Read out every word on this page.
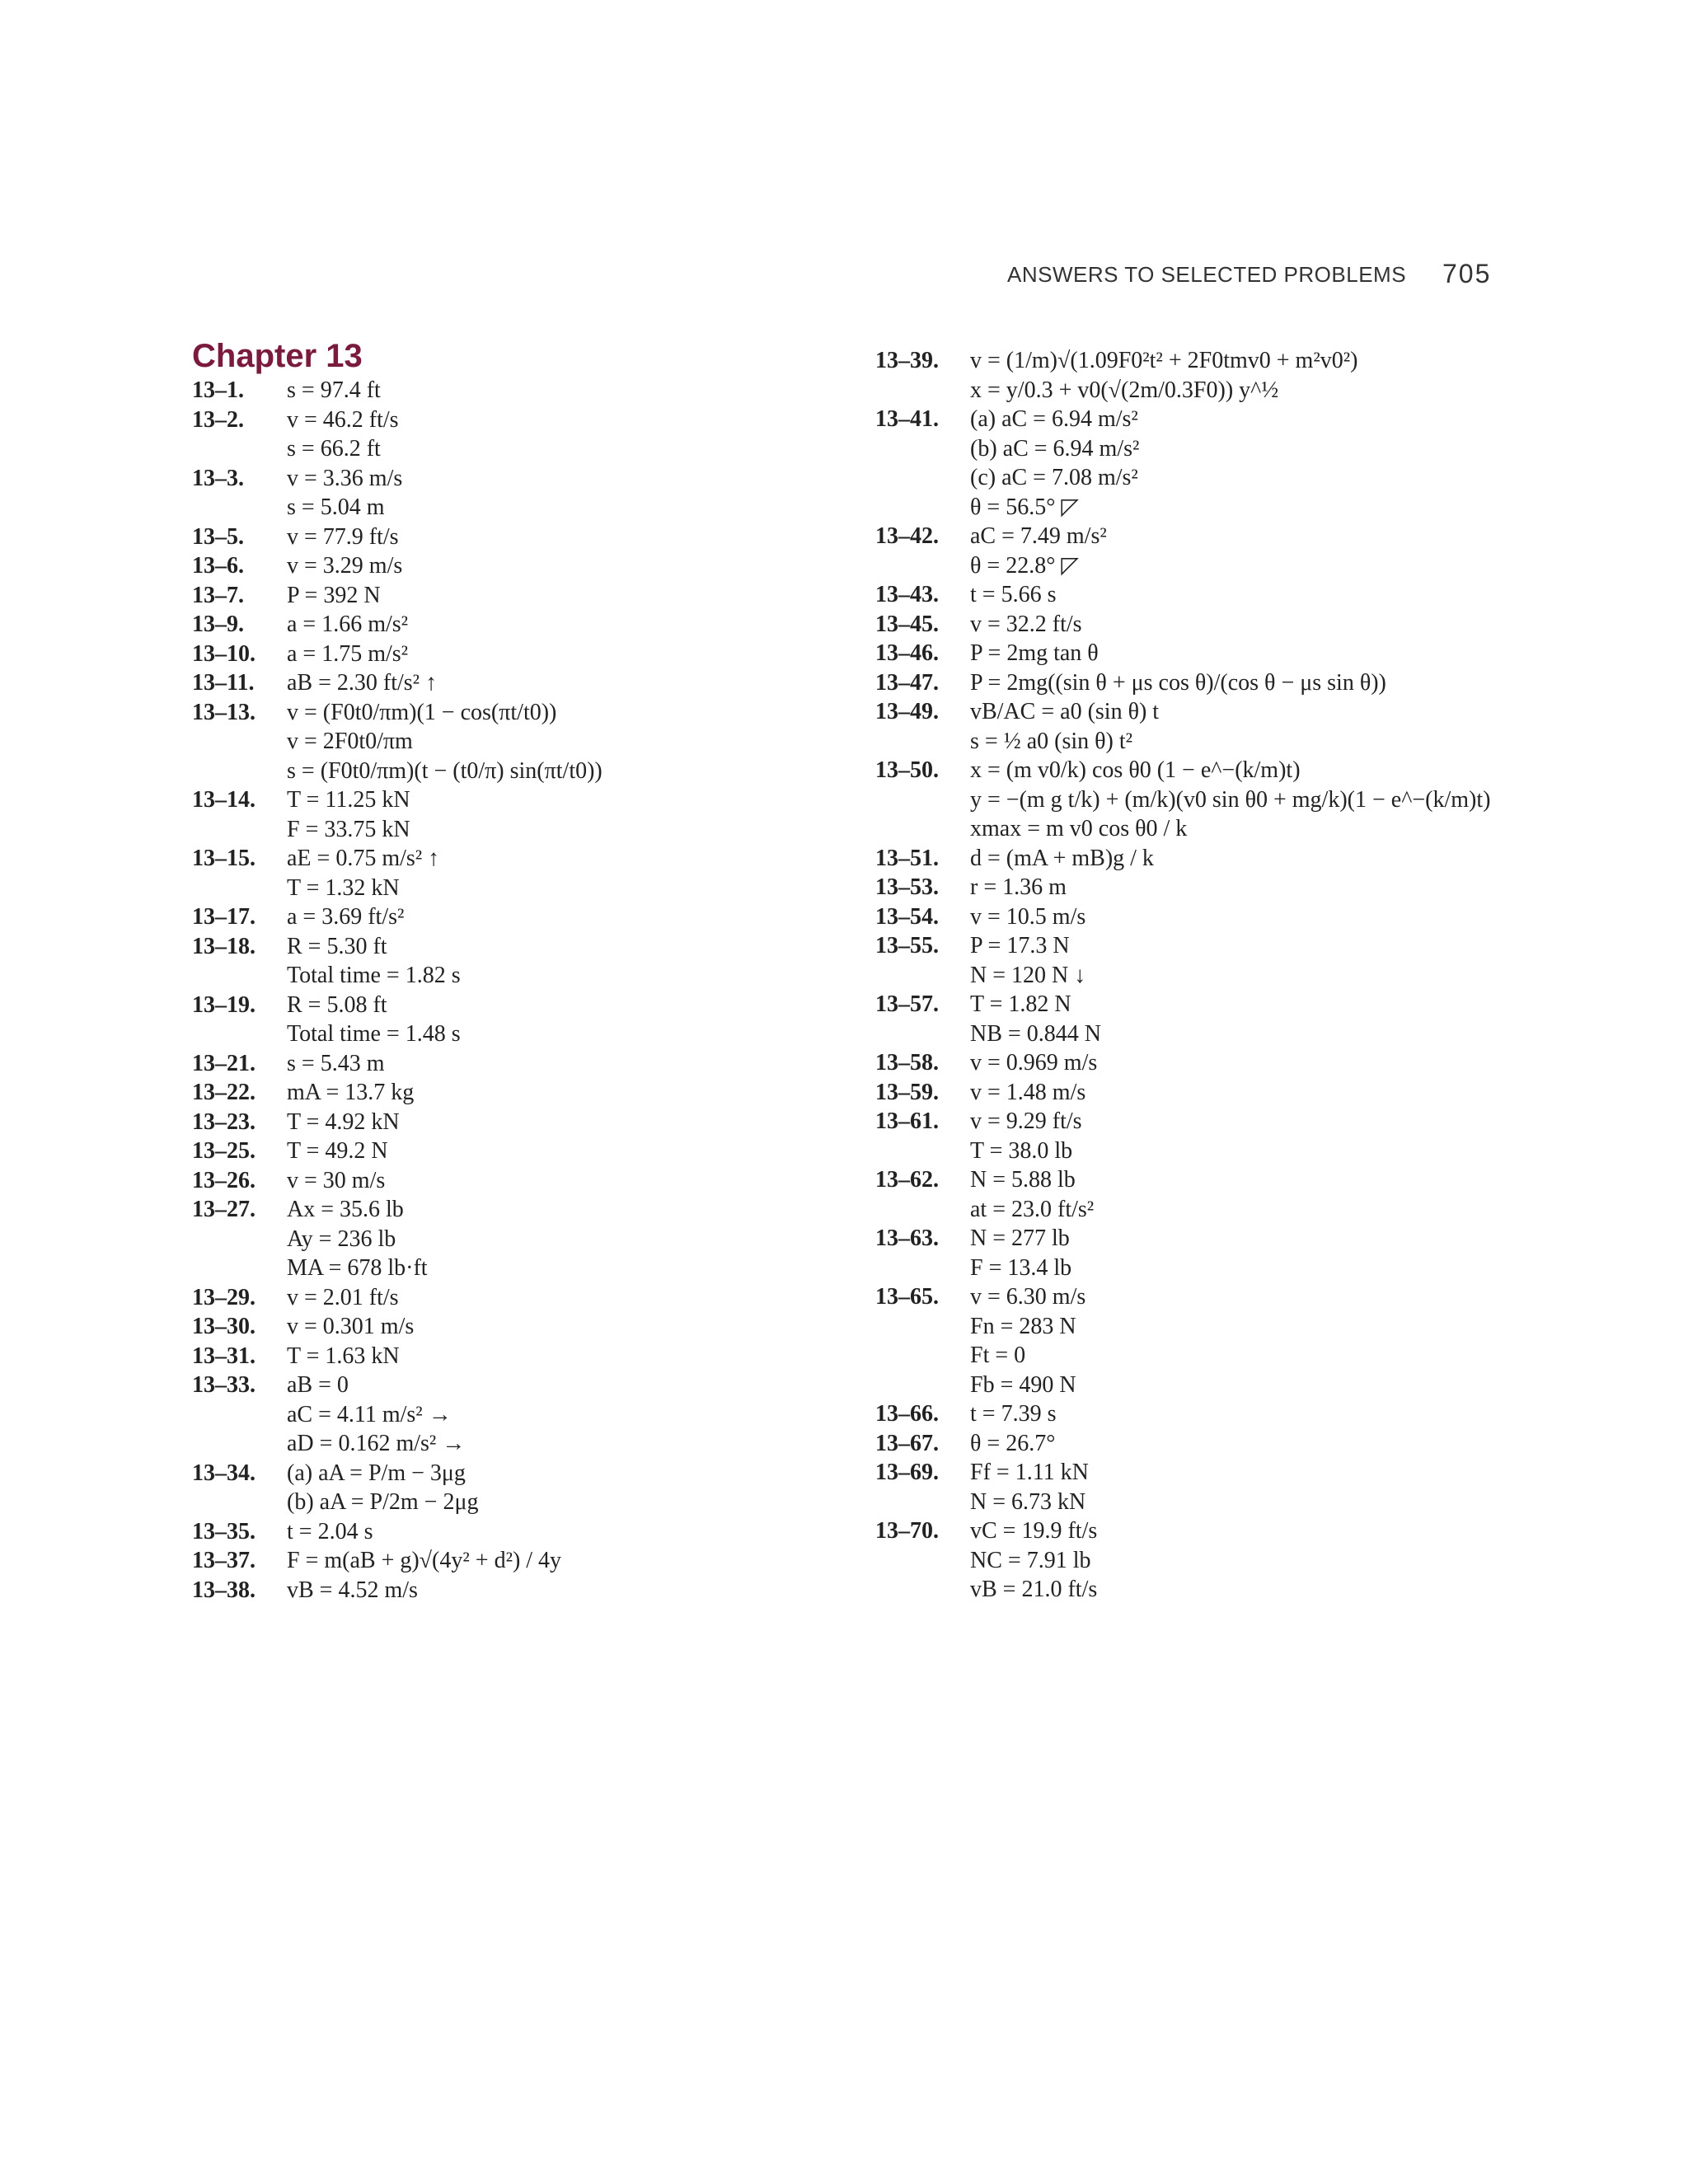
ANSWERS TO SELECTED PROBLEMS 705
Chapter 13
13–1.	s = 97.4 ft
13–2.	v = 46.2 ft/s
s = 66.2 ft
13–3.	v = 3.36 m/s
s = 5.04 m
13–5.	v = 77.9 ft/s
13–6.	v = 3.29 m/s
13–7.	P = 392 N
13–9.	a = 1.66 m/s²
13–10.	a = 1.75 m/s²
13–11.	aB = 2.30 ft/s² ↑
13–13.	v = (F0t0/πm)(1 − cos(πt/t0))
v = 2F0t0/πm
s = (F0t0/πm)(t − (t0/π) sin(πt/t0))
13–14.	T = 11.25 kN
F = 33.75 kN
13–15.	aE = 0.75 m/s² ↑
T = 1.32 kN
13–17.	a = 3.69 ft/s²
13–18.	R = 5.30 ft
Total time = 1.82 s
13–19.	R = 5.08 ft
Total time = 1.48 s
13–21.	s = 5.43 m
13–22.	mA = 13.7 kg
13–23.	T = 4.92 kN
13–25.	T = 49.2 N
13–26.	v = 30 m/s
13–27.	Ax = 35.6 lb
Ay = 236 lb
MA = 678 lb·ft
13–29.	v = 2.01 ft/s
13–30.	v = 0.301 m/s
13–31.	T = 1.63 kN
13–33.	aB = 0
aC = 4.11 m/s² →
aD = 0.162 m/s² →
13–34.	(a) aA = P/m − 3μg
(b) aA = P/2m − 2μg
13–35.	t = 2.04 s
13–37.	F = m(aB + g)√(4y² + d²) / 4y
13–38.	vB = 4.52 m/s
13–39.	v = (1/m)√(1.09F0²t² + 2F0tmv0 + m²v0²)
x = y/0.3 + v0(√(2m/0.3F0)) y^½
13–41.	(a) aC = 6.94 m/s²
(b) aC = 6.94 m/s²
(c) aC = 7.08 m/s²
θ = 56.5° ◸
13–42.	aC = 7.49 m/s²
θ = 22.8° ◸
13–43.	t = 5.66 s
13–45.	v = 32.2 ft/s
13–46.	P = 2mg tan θ
13–47.	P = 2mg((sin θ + μs cos θ)/(cos θ − μs sin θ))
13–49.	vB/AC = a0 (sin θ) t
s = ½ a0 (sin θ) t²
13–50.	x = (m v0/k) cos θ0 (1 − e^−(k/m)t)
y = −(m g t/k) + (m/k)(v0 sin θ0 + mg/k)(1 − e^−(k/m)t)
xmax = m v0 cos θ0 / k
13–51.	d = (mA + mB)g / k
13–53.	r = 1.36 m
13–54.	v = 10.5 m/s
13–55.	P = 17.3 N
N = 120 N ↓
13–57.	T = 1.82 N
NB = 0.844 N
13–58.	v = 0.969 m/s
13–59.	v = 1.48 m/s
13–61.	v = 9.29 ft/s
T = 38.0 lb
13–62.	N = 5.88 lb
at = 23.0 ft/s²
13–63.	N = 277 lb
F = 13.4 lb
13–65.	v = 6.30 m/s
Fn = 283 N
Ft = 0
Fb = 490 N
13–66.	t = 7.39 s
13–67.	θ = 26.7°
13–69.	Ff = 1.11 kN
N = 6.73 kN
13–70.	vC = 19.9 ft/s
NC = 7.91 lb
vB = 21.0 ft/s
